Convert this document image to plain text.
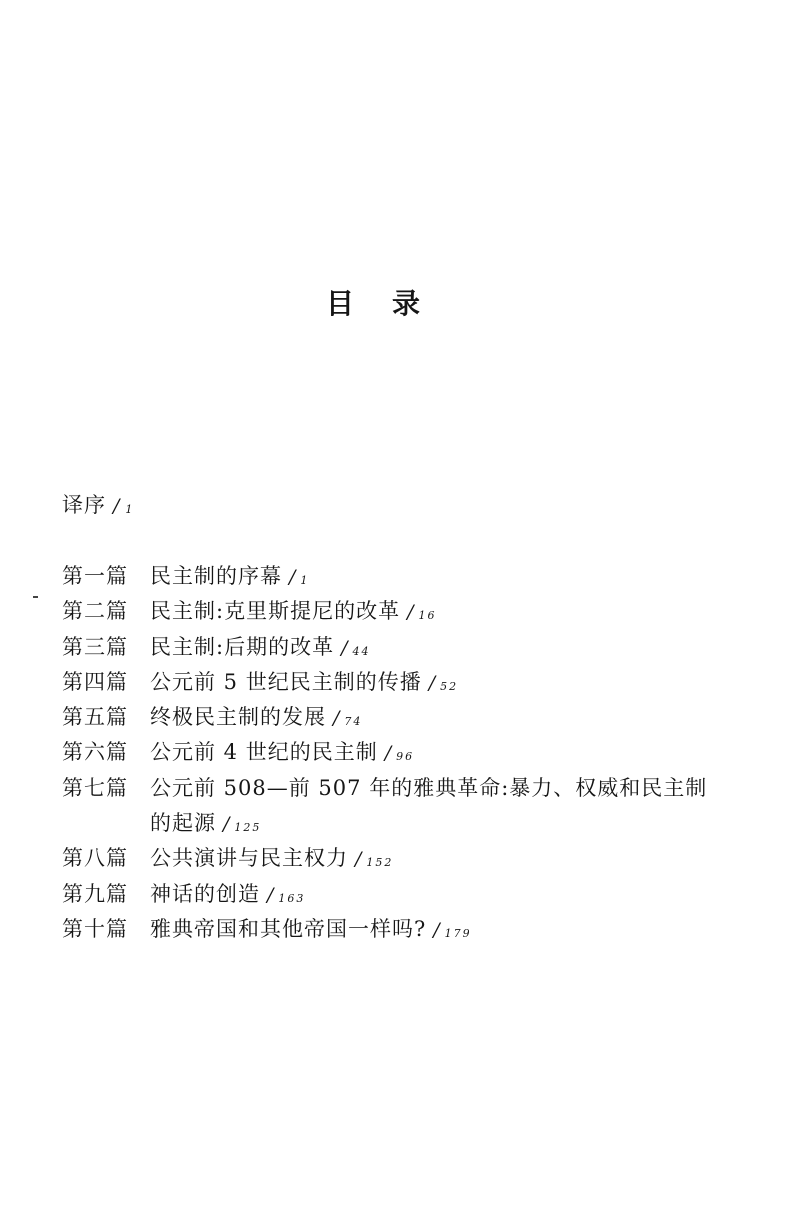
目录
译序 / 1
第一篇 民主制的序幕 / 1
第二篇 民主制:克里斯提尼的改革 / 16
第三篇 民主制:后期的改革 / 44
第四篇 公元前 5 世纪民主制的传播 / 52
第五篇 终极民主制的发展 / 74
第六篇 公元前 4 世纪的民主制 / 96
第七篇 公元前 508—前 507 年的雅典革命:暴力、权威和民主制
的起源 / 125
第八篇 公共演讲与民主权力 / 152
第九篇 神话的创造 / 163
第十篇 雅典帝国和其他帝国一样吗? / 179
